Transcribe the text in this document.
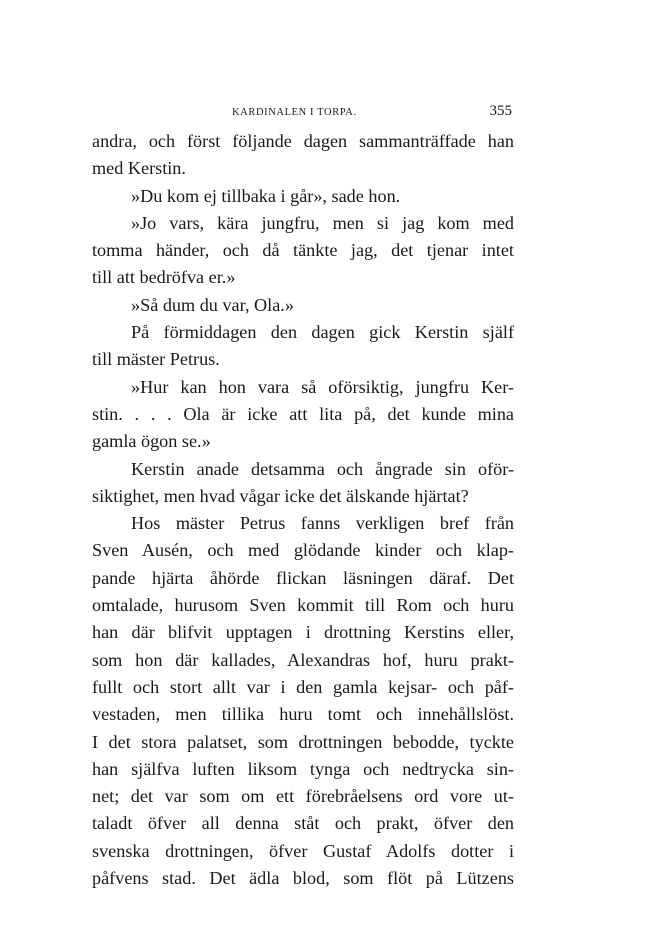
KARDINALEN I TORPA.	355
andra, och först följande dagen sammanträffade han
med Kerstin.
»Du kom ej tillbaka i går», sade hon.
»Jo vars, kära jungfru, men si jag kom med
tomma händer, och då tänkte jag, det tjenar intet
till att bedröfva er.»
»Så dum du var, Ola.»
På förmiddagen den dagen gick Kerstin själf
till mäster Petrus.
»Hur kan hon vara så oförsiktig, jungfru Ker-
stin. . . . Ola är icke att lita på, det kunde mina
gamla ögon se.»
Kerstin anade detsamma och ångrade sin oför-
siktighet, men hvad vågar icke det älskande hjärtat?
Hos mäster Petrus fanns verkligen bref från
Sven Ausén, och med glödande kinder och klap-
pande hjärta åhörde flickan läsningen däraf. Det
omtalade, hurusom Sven kommit till Rom och huru
han där blifvit upptagen i drottning Kerstins eller,
som hon där kallades, Alexandras hof, huru prakt-
fullt och stort allt var i den gamla kejsar- och påf-
vestaden, men tillika huru tomt och innehållslöst.
I det stora palatset, som drottningen bebodde, tyckte
han själfva luften liksom tynga och nedtrycka sin-
net; det var som om ett förebråelsens ord vore ut-
taladt öfver all denna ståt och prakt, öfver den
svenska drottningen, öfver Gustaf Adolfs dotter i
påfvens stad. Det ädla blod, som flöt på Lützens
